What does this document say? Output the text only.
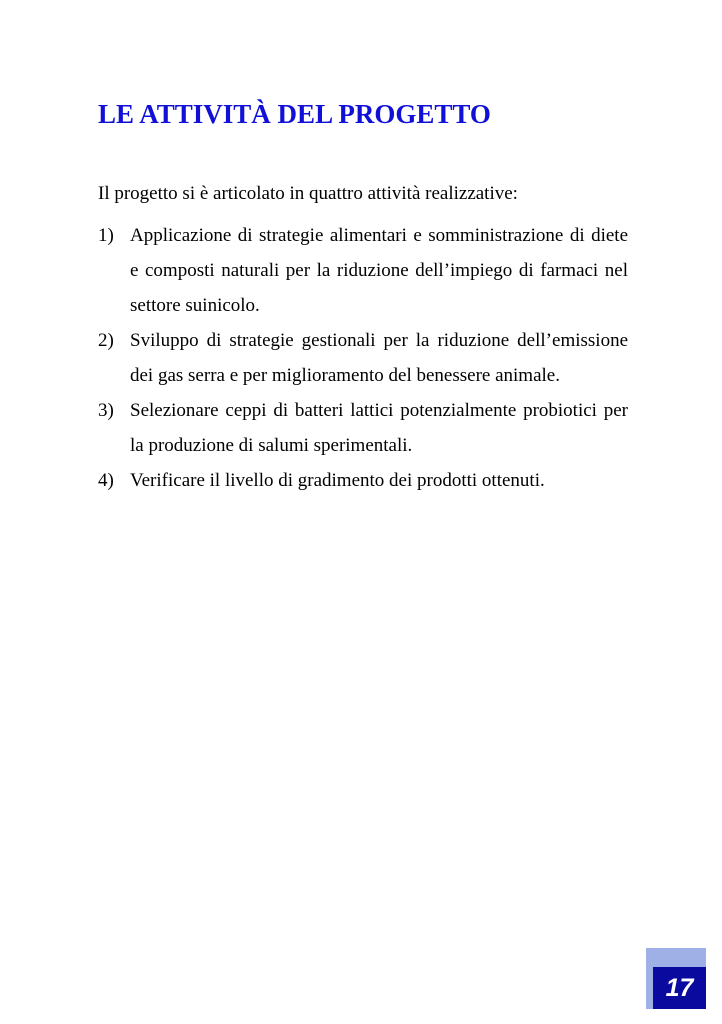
LE ATTIVITÀ DEL PROGETTO

Il progetto si è articolato in quattro attività realizzative:

1) Applicazione di strategie alimentari e somministrazione di diete e composti naturali per la riduzione dell’impiego di farmaci nel settore suinicolo.
2) Sviluppo di strategie gestionali per la riduzione dell’emissione dei gas serra e per miglioramento del benessere animale.
3) Selezionare ceppi di batteri lattici potenzialmente probiotici per la produzione di salumi sperimentali.
4) Verificare il livello di gradimento dei prodotti ottenuti.
17
